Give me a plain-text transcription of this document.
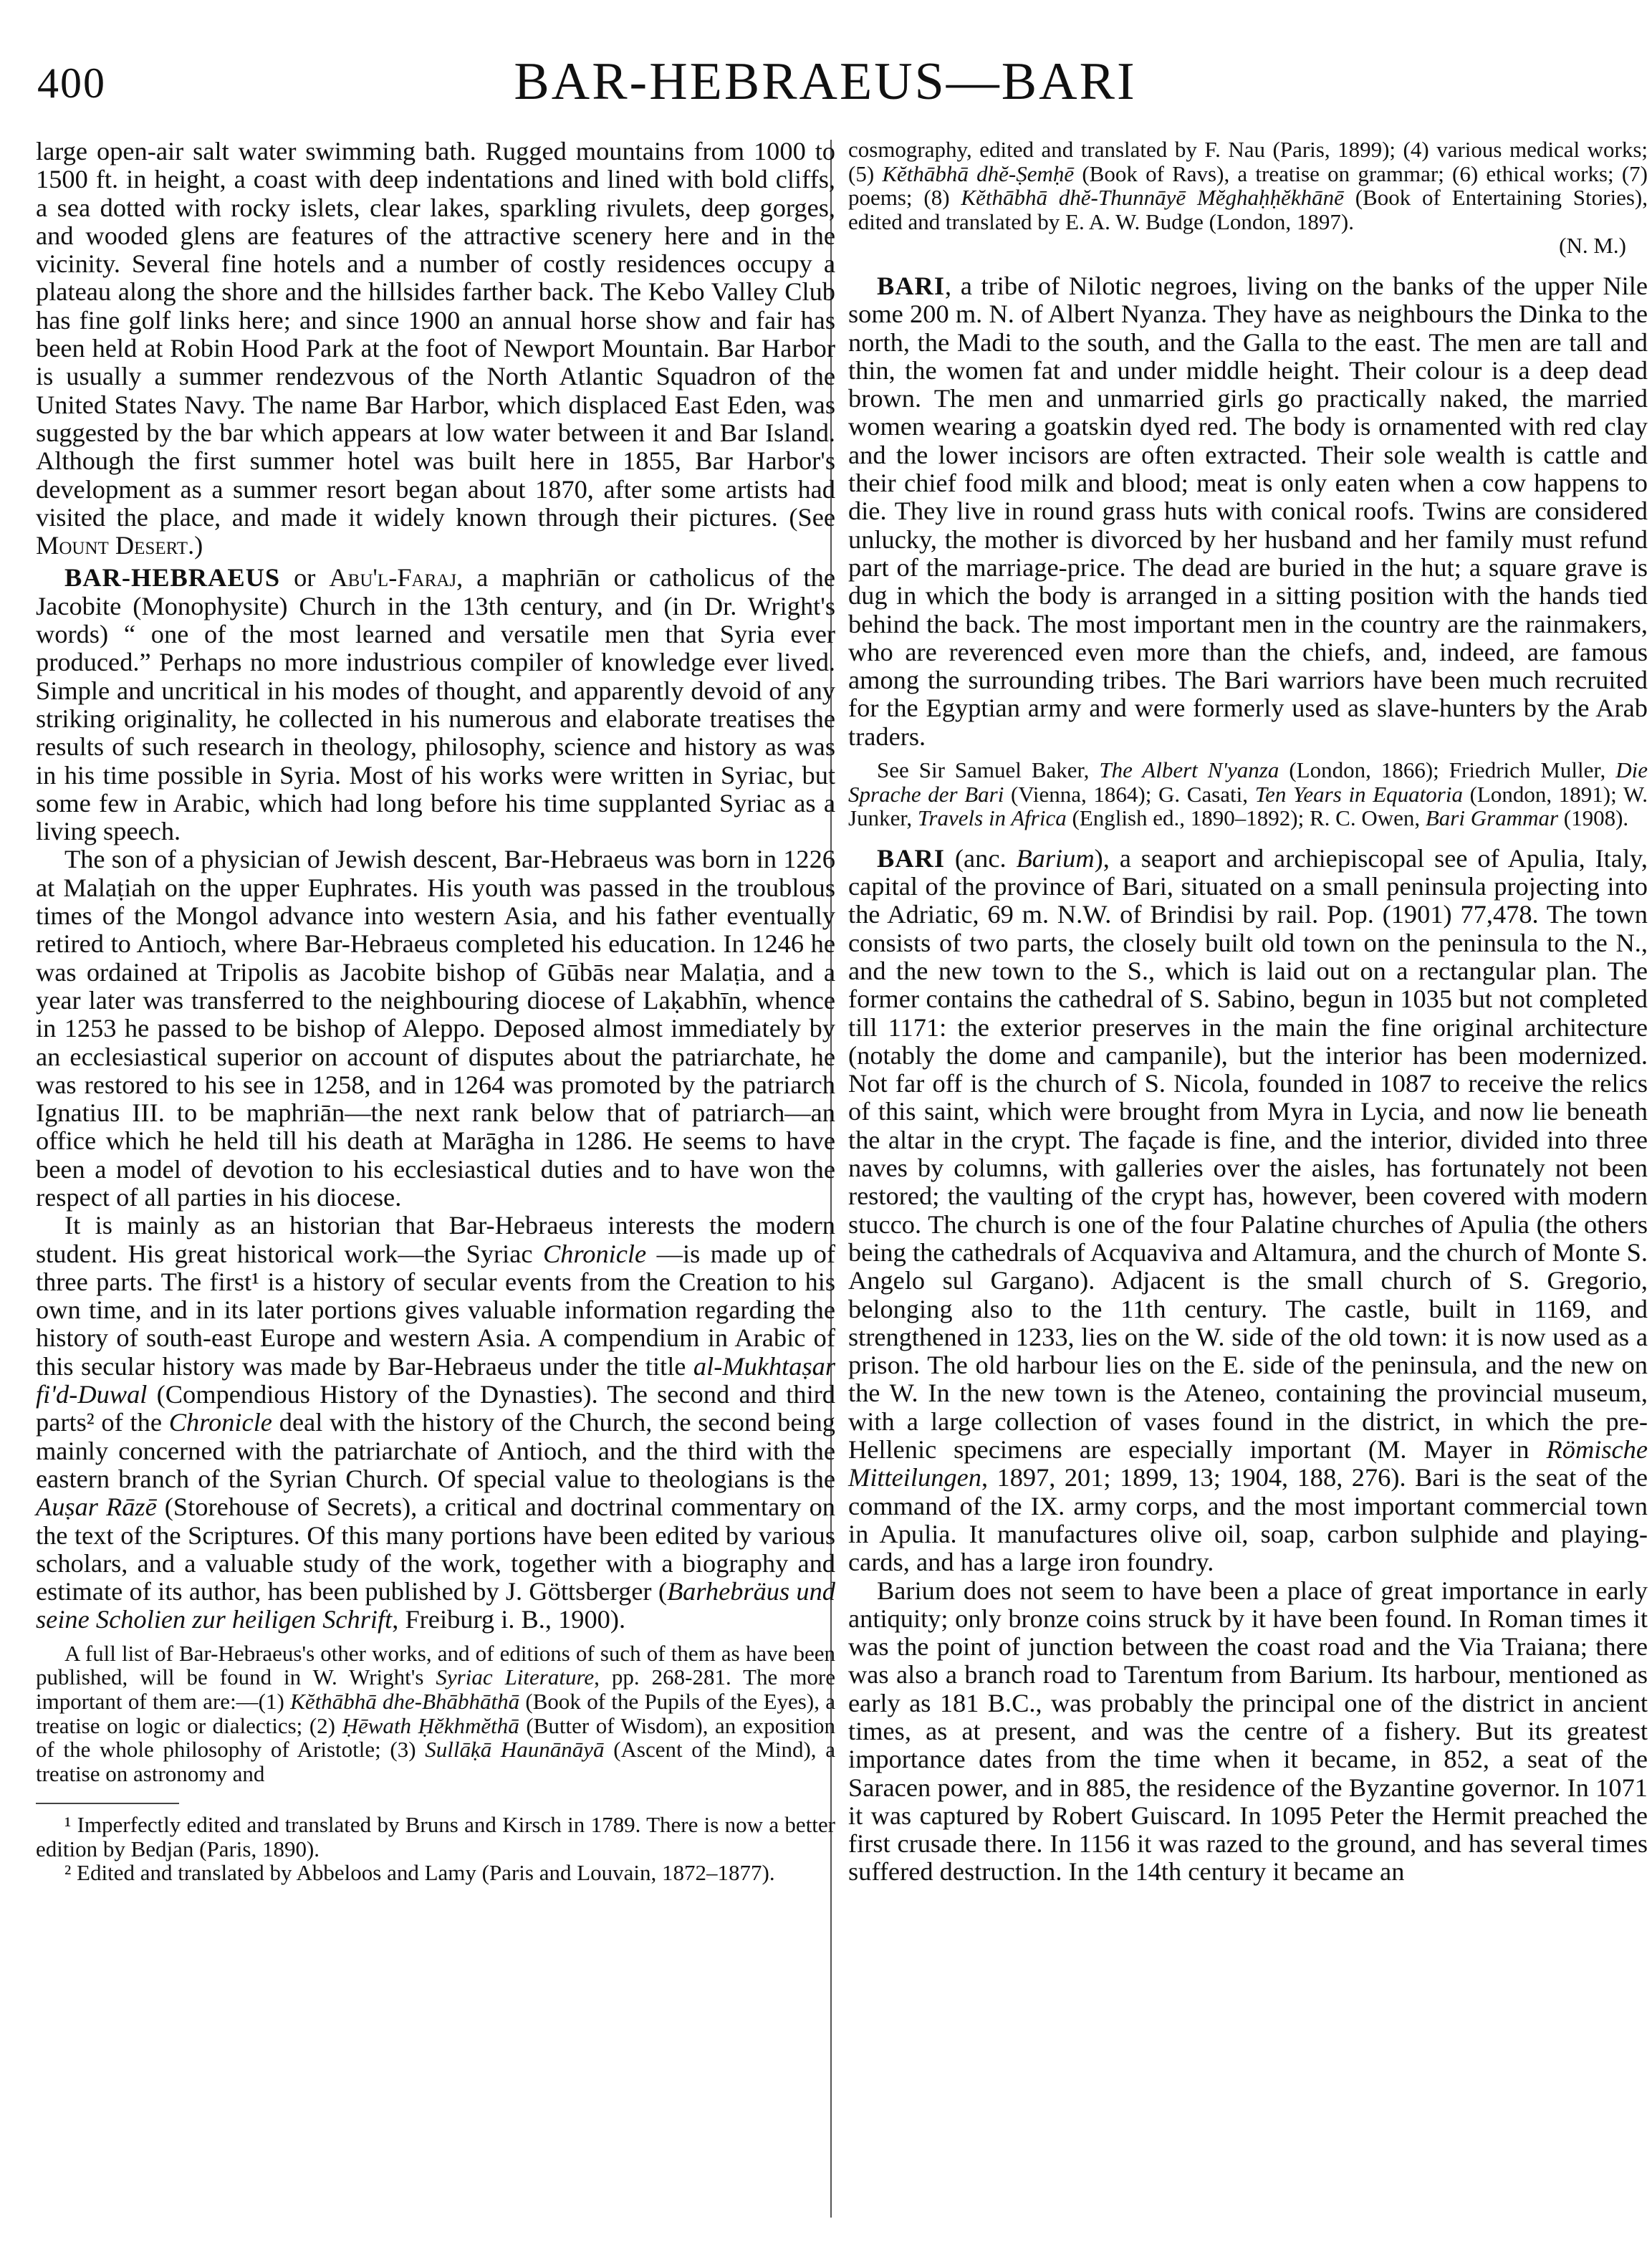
400	BAR-HEBRAEUS—BARI

large open-air salt water swimming bath. Rugged mountains from 1000 to 1500 ft. in height, a coast with deep indentations and lined with bold cliffs, a sea dotted with rocky islets, clear lakes, sparkling rivulets, deep gorges, and wooded glens are features of the attractive scenery here and in the vicinity. Several fine hotels and a number of costly residences occupy a plateau along the shore and the hillsides farther back. The Kebo Valley Club has fine golf links here; and since 1900 an annual horse show and fair has been held at Robin Hood Park at the foot of Newport Mountain. Bar Harbor is usually a summer rendezvous of the North Atlantic Squadron of the United States Navy. The name Bar Harbor, which displaced East Eden, was suggested by the bar which appears at low water between it and Bar Island. Although the first summer hotel was built here in 1855, Bar Harbor's development as a summer resort began about 1870, after some artists had visited the place, and made it widely known through their pictures. (See Mount Desert.)

BAR-HEBRAEUS or Abu'l-Faraj, a maphriān or catholicus of the Jacobite (Monophysite) Church in the 13th century, and (in Dr. Wright's words) “ one of the most learned and versatile men that Syria ever produced.” Perhaps no more industrious compiler of knowledge ever lived. Simple and uncritical in his modes of thought, and apparently devoid of any striking originality, he collected in his numerous and elaborate treatises the results of such research in theology, philosophy, science and history as was in his time possible in Syria. Most of his works were written in Syriac, but some few in Arabic, which had long before his time supplanted Syriac as a living speech.

The son of a physician of Jewish descent, Bar-Hebraeus was born in 1226 at Malaṭiah on the upper Euphrates. His youth was passed in the troublous times of the Mongol advance into western Asia, and his father eventually retired to Antioch, where Bar-Hebraeus completed his education. In 1246 he was ordained at Tripolis as Jacobite bishop of Gūbās near Malaṭia, and a year later was transferred to the neighbouring diocese of Laḳabhīn, whence in 1253 he passed to be bishop of Aleppo. Deposed almost immediately by an ecclesiastical superior on account of disputes about the patriarchate, he was restored to his see in 1258, and in 1264 was promoted by the patriarch Ignatius III. to be maphriān—the next rank below that of patriarch—an office which he held till his death at Marāgha in 1286. He seems to have been a model of devotion to his ecclesiastical duties and to have won the respect of all parties in his diocese.

It is mainly as an historian that Bar-Hebraeus interests the modern student. His great historical work—the Syriac Chronicle —is made up of three parts. The first¹ is a history of secular events from the Creation to his own time, and in its later portions gives valuable information regarding the history of south-east Europe and western Asia. A compendium in Arabic of this secular history was made by Bar-Hebraeus under the title al-Mukhtaṣar fi'd-Duwal (Compendious History of the Dynasties). The second and third parts² of the Chronicle deal with the history of the Church, the second being mainly concerned with the patriarchate of Antioch, and the third with the eastern branch of the Syrian Church. Of special value to theologians is the Auṣar Rāzē (Storehouse of Secrets), a critical and doctrinal commentary on the text of the Scriptures. Of this many portions have been edited by various scholars, and a valuable study of the work, together with a biography and estimate of its author, has been published by J. Göttsberger (Barhebräus und seine Scholien zur heiligen Schrift, Freiburg i. B., 1900).

A full list of Bar-Hebraeus's other works, and of editions of such of them as have been published, will be found in W. Wright's Syriac Literature, pp. 268-281. The more important of them are:—(1) Kĕthābhā dhe-Bhābhāthā (Book of the Pupils of the Eyes), a treatise on logic or dialectics; (2) Ḥēwath Ḥĕkhmĕthā (Butter of Wisdom), an exposition of the whole philosophy of Aristotle; (3) Sullāḳā Haunānāyā (Ascent of the Mind), a treatise on astronomy and

¹ Imperfectly edited and translated by Bruns and Kirsch in 1789. There is now a better edition by Bedjan (Paris, 1890).

² Edited and translated by Abbeloos and Lamy (Paris and Louvain, 1872–1877).

cosmography, edited and translated by F. Nau (Paris, 1899); (4) various medical works; (5) Kĕthābhā dhĕ-Ṣemḥē (Book of Ravs), a treatise on grammar; (6) ethical works; (7) poems; (8) Kĕthābhā dhĕ-Thunnāyē Mĕghaḥḥĕkhānē (Book of Entertaining Stories), edited and translated by E. A. W. Budge (London, 1897).

(N. M.)

BARI, a tribe of Nilotic negroes, living on the banks of the upper Nile some 200 m. N. of Albert Nyanza. They have as neighbours the Dinka to the north, the Madi to the south, and the Galla to the east. The men are tall and thin, the women fat and under middle height. Their colour is a deep dead brown. The men and unmarried girls go practically naked, the married women wearing a goatskin dyed red. The body is ornamented with red clay and the lower incisors are often extracted. Their sole wealth is cattle and their chief food milk and blood; meat is only eaten when a cow happens to die. They live in round grass huts with conical roofs. Twins are considered unlucky, the mother is divorced by her husband and her family must refund part of the marriage-price. The dead are buried in the hut; a square grave is dug in which the body is arranged in a sitting position with the hands tied behind the back. The most important men in the country are the rainmakers, who are reverenced even more than the chiefs, and, indeed, are famous among the surrounding tribes. The Bari warriors have been much recruited for the Egyptian army and were formerly used as slave-hunters by the Arab traders.

See Sir Samuel Baker, The Albert N'yanza (London, 1866); Friedrich Muller, Die Sprache der Bari (Vienna, 1864); G. Casati, Ten Years in Equatoria (London, 1891); W. Junker, Travels in Africa (English ed., 1890–1892); R. C. Owen, Bari Grammar (1908).

BARI (anc. Barium), a seaport and archiepiscopal see of Apulia, Italy, capital of the province of Bari, situated on a small peninsula projecting into the Adriatic, 69 m. N.W. of Brindisi by rail. Pop. (1901) 77,478. The town consists of two parts, the closely built old town on the peninsula to the N., and the new town to the S., which is laid out on a rectangular plan. The former contains the cathedral of S. Sabino, begun in 1035 but not completed till 1171: the exterior preserves in the main the fine original architecture (notably the dome and campanile), but the interior has been modernized. Not far off is the church of S. Nicola, founded in 1087 to receive the relics of this saint, which were brought from Myra in Lycia, and now lie beneath the altar in the crypt. The façade is fine, and the interior, divided into three naves by columns, with galleries over the aisles, has fortunately not been restored; the vaulting of the crypt has, however, been covered with modern stucco. The church is one of the four Palatine churches of Apulia (the others being the cathedrals of Acquaviva and Altamura, and the church of Monte S. Angelo sul Gargano). Adjacent is the small church of S. Gregorio, belonging also to the 11th century. The castle, built in 1169, and strengthened in 1233, lies on the W. side of the old town: it is now used as a prison. The old harbour lies on the E. side of the peninsula, and the new on the W. In the new town is the Ateneo, containing the provincial museum, with a large collection of vases found in the district, in which the pre-Hellenic specimens are especially important (M. Mayer in Römische Mitteilungen, 1897, 201; 1899, 13; 1904, 188, 276). Bari is the seat of the command of the IX. army corps, and the most important commercial town in Apulia. It manufactures olive oil, soap, carbon sulphide and playing-cards, and has a large iron foundry.

Barium does not seem to have been a place of great importance in early antiquity; only bronze coins struck by it have been found. In Roman times it was the point of junction between the coast road and the Via Traiana; there was also a branch road to Tarentum from Barium. Its harbour, mentioned as early as 181 B.C., was probably the principal one of the district in ancient times, as at present, and was the centre of a fishery. But its greatest importance dates from the time when it became, in 852, a seat of the Saracen power, and in 885, the residence of the Byzantine governor. In 1071 it was captured by Robert Guiscard. In 1095 Peter the Hermit preached the first crusade there. In 1156 it was razed to the ground, and has several times suffered destruction. In the 14th century it became an
